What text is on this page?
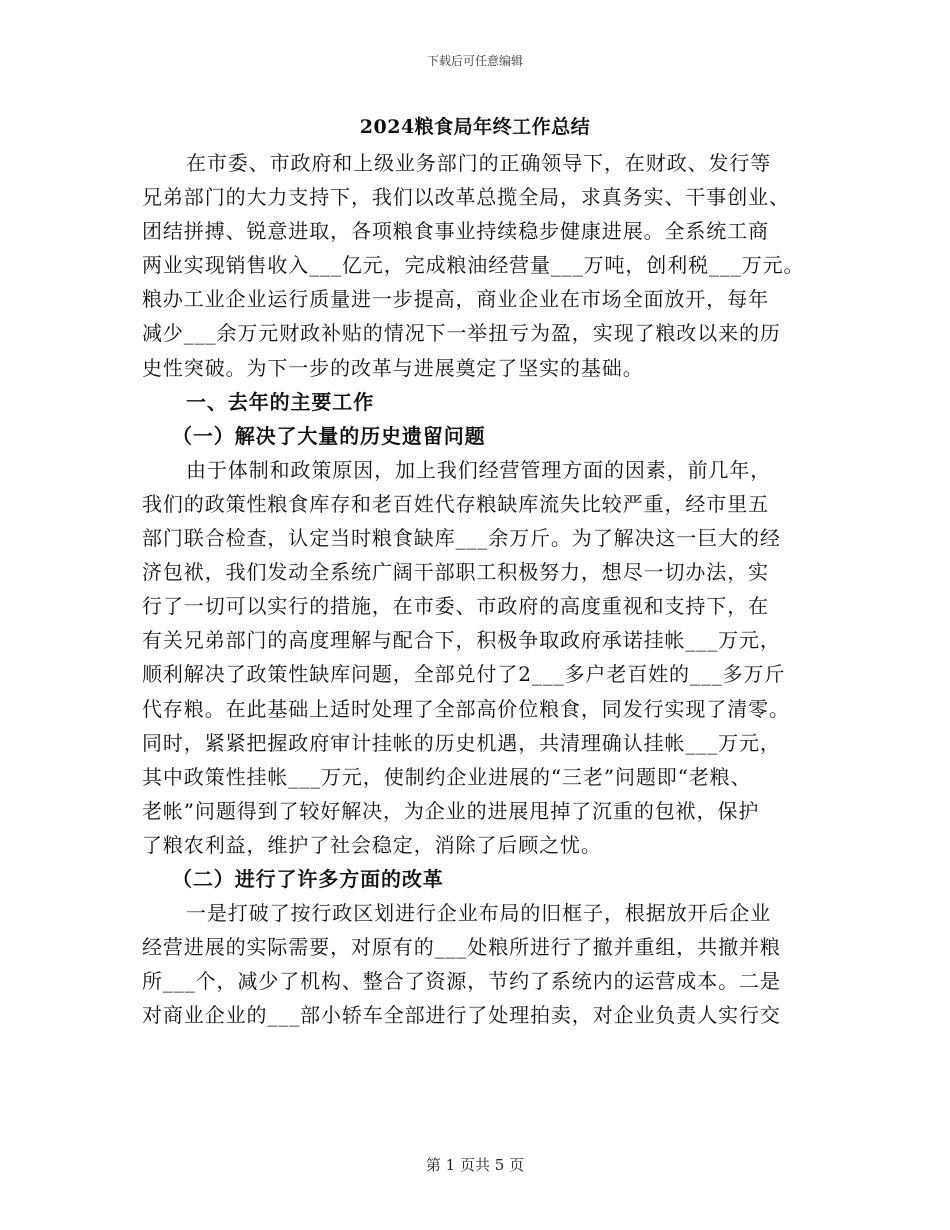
下载后可任意编辑
2024粮食局年终工作总结
在市委、市政府和上级业务部门的正确领导下，在财政、发行等
兄弟部门的大力支持下，我们以改革总揽全局，求真务实、干事创业、
团结拼搏、锐意进取，各项粮食事业持续稳步健康进展。全系统工商
两业实现销售收入___亿元，完成粮油经营量___万吨，创利税___万元。
粮办工业企业运行质量进一步提高，商业企业在市场全面放开，每年
减少___余万元财政补贴的情况下一举扭亏为盈，实现了粮改以来的历
史性突破。为下一步的改革与进展奠定了坚实的基础。
一、去年的主要工作
（一）解决了大量的历史遗留问题
由于体制和政策原因，加上我们经营管理方面的因素，前几年，
我们的政策性粮食库存和老百姓代存粮缺库流失比较严重，经市里五
部门联合检查，认定当时粮食缺库___余万斤。为了解决这一巨大的经
济包袱，我们发动全系统广阔干部职工积极努力，想尽一切办法，实
行了一切可以实行的措施，在市委、市政府的高度重视和支持下，在
有关兄弟部门的高度理解与配合下，积极争取政府承诺挂帐___万元，
顺利解决了政策性缺库问题，全部兑付了2___多户老百姓的___多万斤
代存粮。在此基础上适时处理了全部高价位粮食，同发行实现了清零。
同时，紧紧把握政府审计挂帐的历史机遇，共清理确认挂帐___万元，
其中政策性挂帐___万元，使制约企业进展的“三老”问题即“老粮、
老帐”问题得到了较好解决，为企业的进展甩掉了沉重的包袱，保护
了粮农利益，维护了社会稳定，消除了后顾之忧。
（二）进行了许多方面的改革
一是打破了按行政区划进行企业布局的旧框子，根据放开后企业
经营进展的实际需要，对原有的___处粮所进行了撤并重组，共撤并粮
所___个，减少了机构、整合了资源，节约了系统内的运营成本。二是
对商业企业的___部小轿车全部进行了处理拍卖，对企业负责人实行交
第 1 页共 5 页
